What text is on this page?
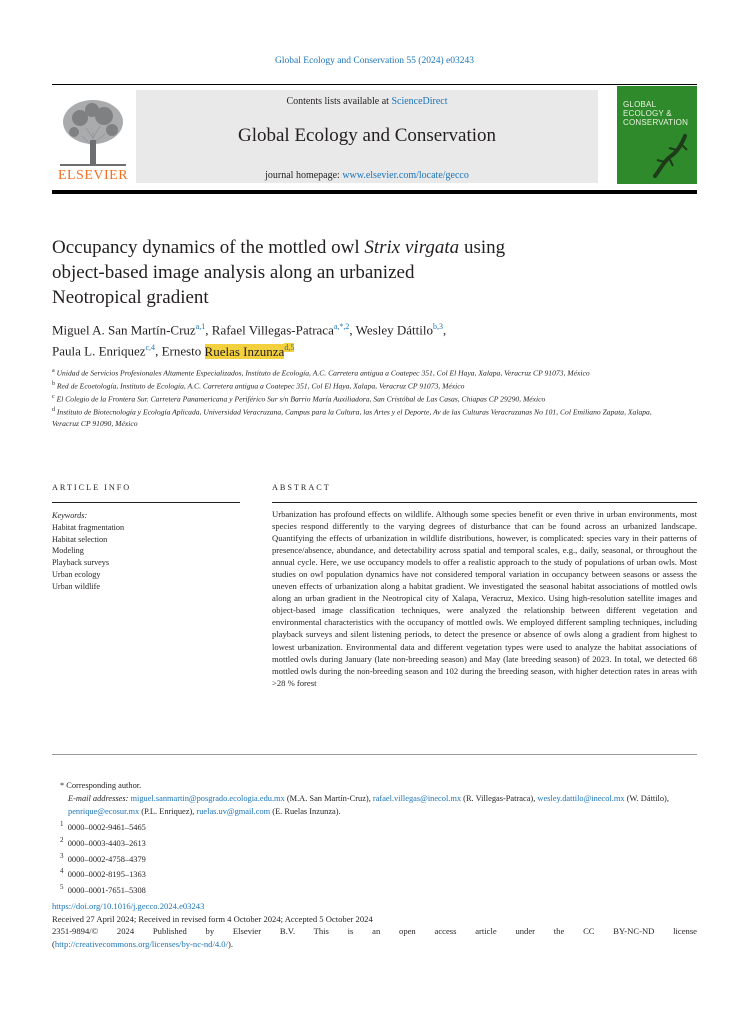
Global Ecology and Conservation 55 (2024) e03243
ELSEVIER
Contents lists available at ScienceDirect
Global Ecology and Conservation
journal homepage: www.elsevier.com/locate/gecco
GLOBAL
ECOLOGY &
CONSERVATION
Occupancy dynamics of the mottled owl Strix virgata using
object-based image analysis along an urbanized
Neotropical gradient
Miguel A. San Martín-Cruz$^{a,1}$, Rafael Villegas-Patraca$^{a,*,2}$, Wesley Dáttilo$^{b,3}$,
Paula L. Enriquez$^{c,4}$, Ernesto Ruelas Inzunza$^{d,5}$

$^a$ Unidad de Servicios Profesionales Altamente Especializados, Instituto de Ecología, A.C. Carretera antigua a Coatepec 351, Col El Haya, Xalapa, Veracruz CP 91073, México

$^b$ Red de Ecoetología, Instituto de Ecología, A.C. Carretera antigua a Coatepec 351, Col El Haya, Xalapa, Veracruz CP 91073, México

$^c$ El Colegio de la Frontera Sur. Carretera Panamericana y Periférico Sur s/n Barrio María Auxiliadora, San Cristóbal de Las Casas, Chiapas CP 29290, México

$^d$ Instituto de Biotecnología y Ecología Aplicada, Universidad Veracruzana, Campus para la Cultura, las Artes y el Deporte, Av de las Culturas Veracruzanas No 101, Col Emiliano Zapata, Xalapa, Veracruz CP 91090, México

ARTICLE INFO

Keywords:

Habitat fragmentation

Habitat selection

Modeling

Playback surveys

Urban ecology

Urban wildlife

ABSTRACT
Urbanization has profound effects on wildlife. Although some species benefit or even thrive in urban environments, most species respond differently to the varying degrees of disturbance that can be found across an urbanized landscape. Quantifying the effects of urbanization in wildlife distributions, however, is complicated: species vary in their patterns of presence/absence, abundance, and detectability across spatial and temporal scales, e.g., daily, seasonal, or throughout the annual cycle. Here, we use occupancy models to offer a realistic approach to the study of populations of urban owls. Most studies on owl population dynamics have not considered temporal variation in occupancy between seasons or assess the uneven effects of urbanization along a habitat gradient. We investigated the seasonal habitat associations of mottled owls along an urban gradient in the Neotropical city of Xalapa, Veracruz, Mexico. Using high-resolution satellite images and object-based image classification techniques, were analyzed the relationship between different vegetation and environmental characteristics with the occupancy of mottled owls. We employed different sampling techniques, including playback surveys and silent listening periods, to detect the presence or absence of owls along a gradient from highest to lowest urbanization. Environmental data and different vegetation types were used to analyze the habitat associations of mottled owls during January (late non-breeding season) and May (late breeding season) of 2023. In total, we detected 68 mottled owls during the non-breeding season and 102 during the breeding season, with higher detection rates in areas with >28 % forest

* Corresponding author.

E-mail addresses: miguel.sanmartin@posgrado.ecologia.edu.mx (M.A. San Martín-Cruz), rafael.villegas@inecol.mx (R. Villegas-Patraca), wesley.dattilo@inecol.mx (W. Dáttilo), penrique@ecosur.mx (P.L. Enriquez), ruelas.uv@gmail.com (E. Ruelas Inzunza).

$^1$ 0000–0002-9461–5465

$^2$ 0000–0003-4403–2613

$^3$ 0000–0002-4758–4379

$^4$ 0000–0002-8195–1363

$^5$ 0000–0001-7651–5308

https://doi.org/10.1016/j.gecco.2024.e03243

Received 27 April 2024; Received in revised form 4 October 2024; Accepted 5 October 2024

2351-9894/© 2024 Published by Elsevier B.V. This is an open access article under the CC BY-NC-ND license

(http://creativecommons.org/licenses/by-nc-nd/4.0/).
